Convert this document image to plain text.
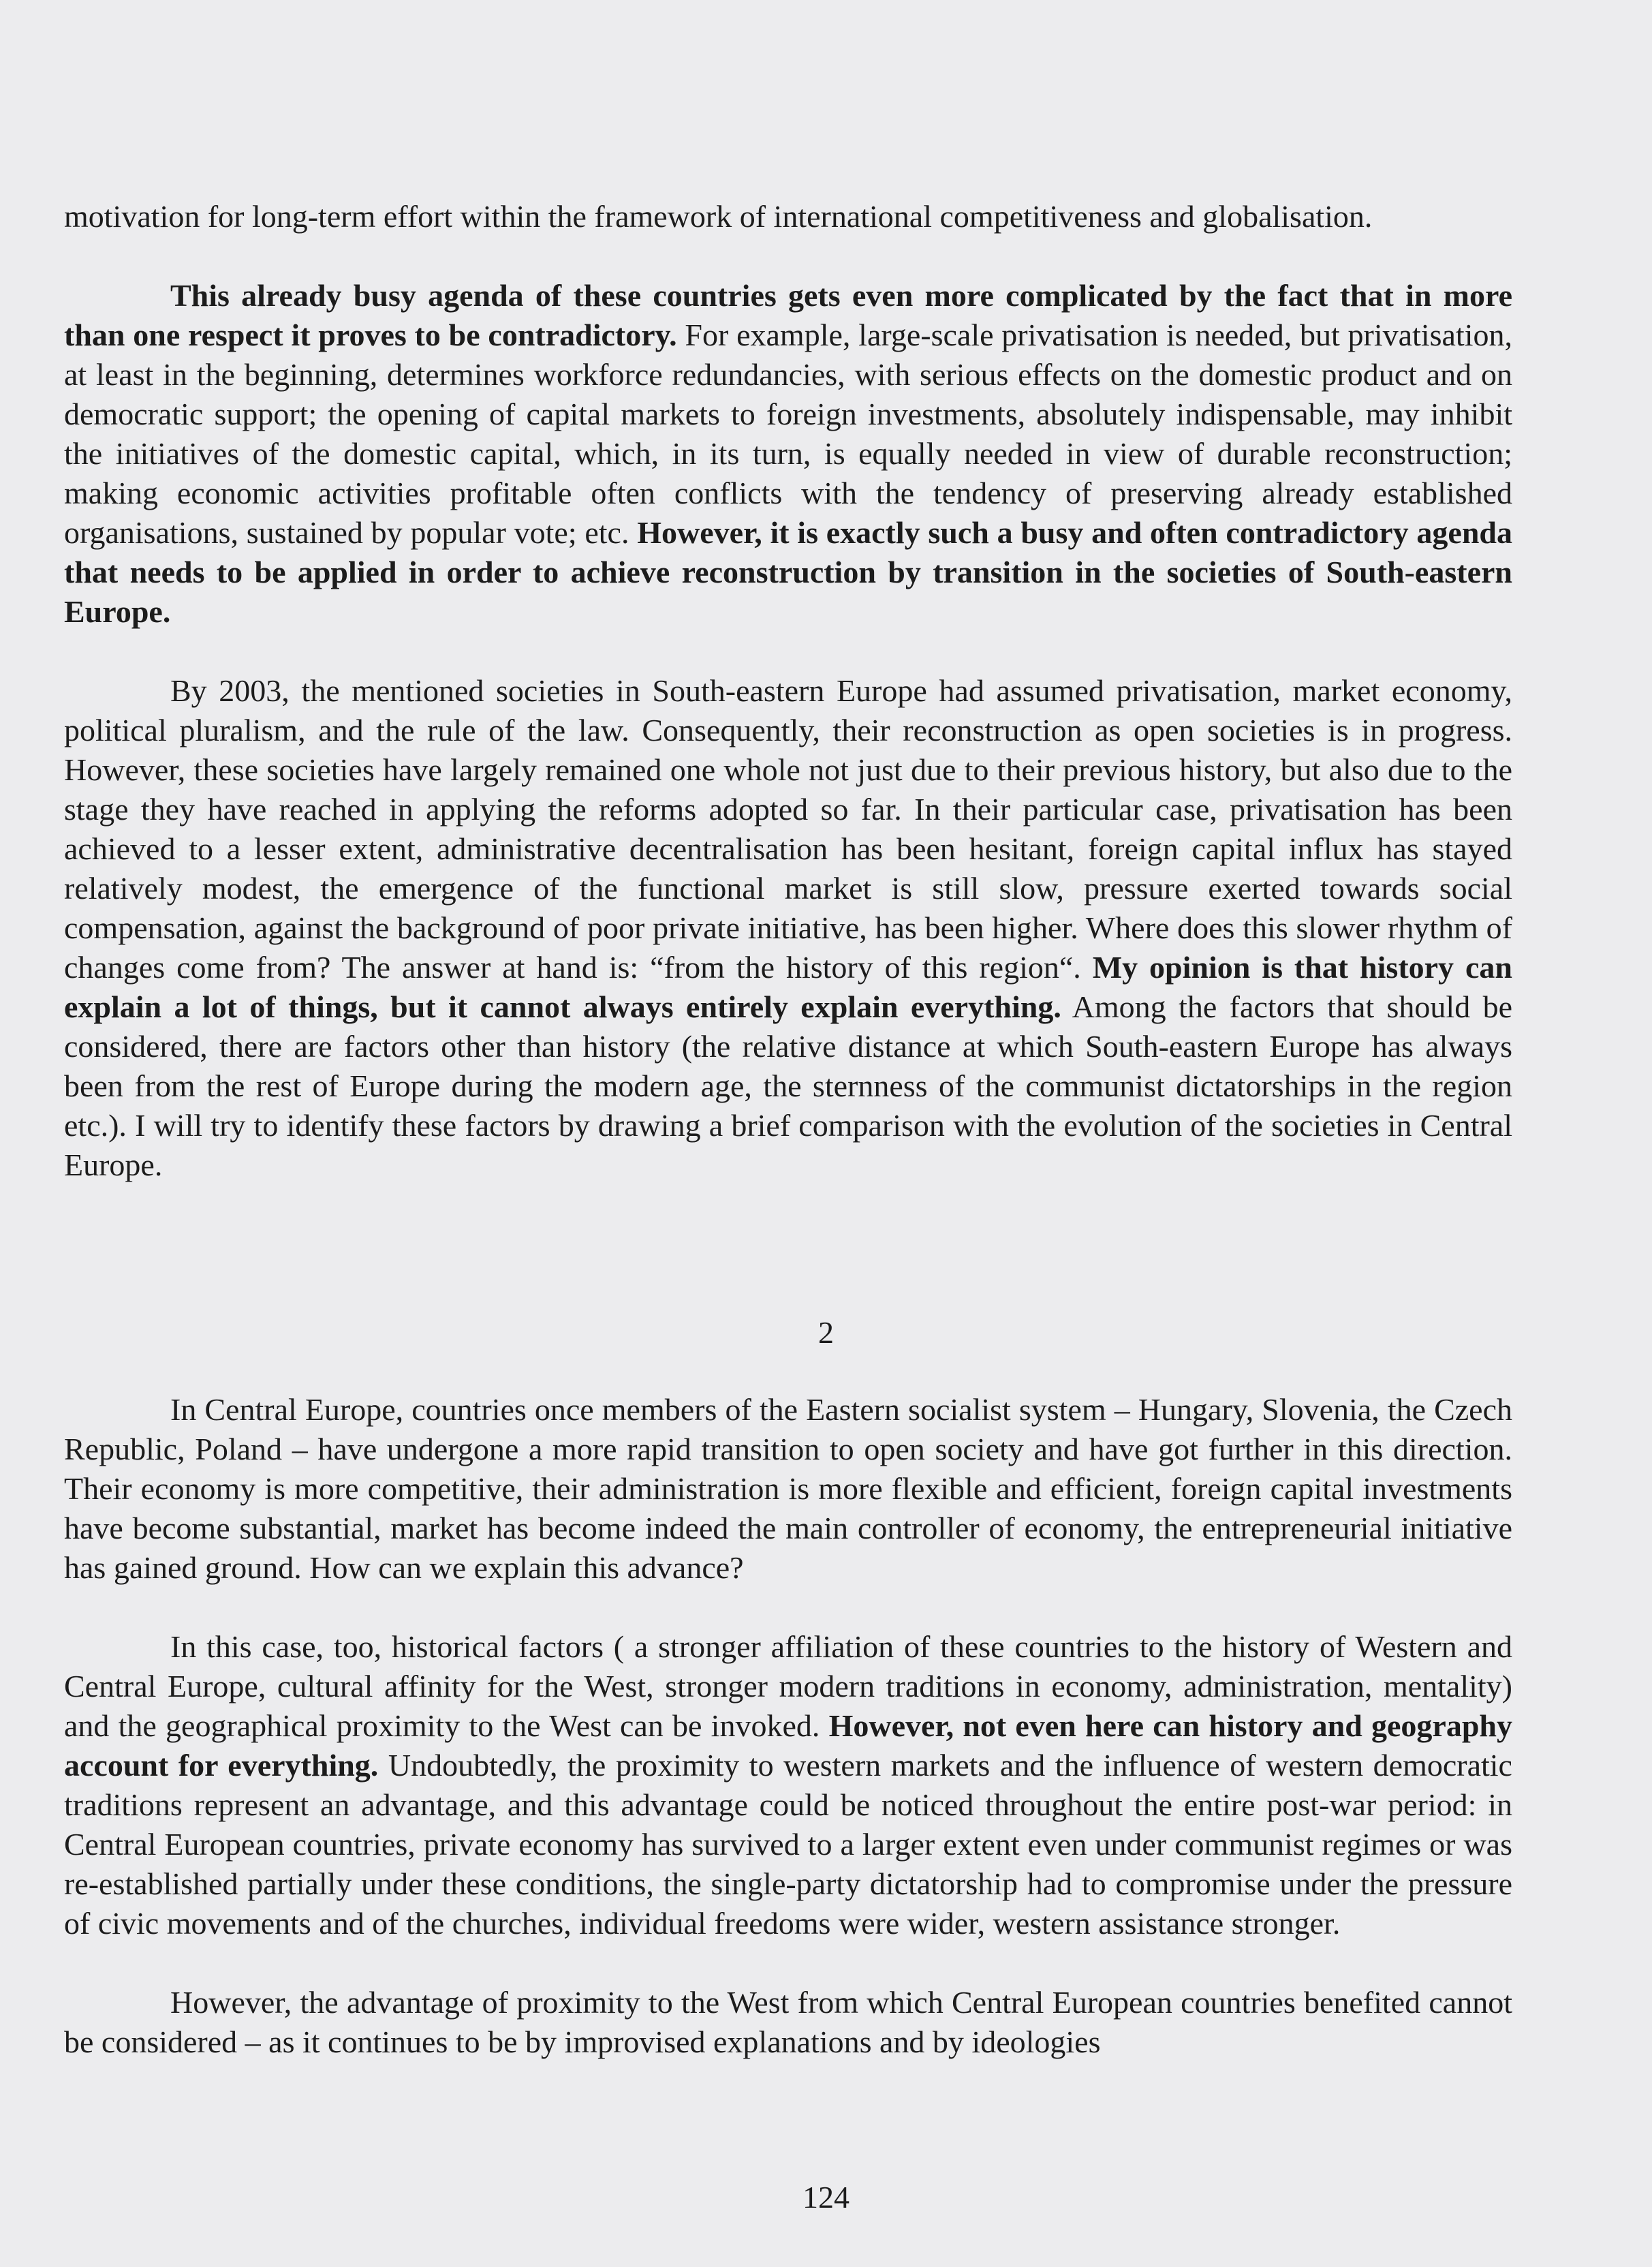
motivation for long-term effort within the framework of international competitiveness and globalisation.

This already busy agenda of these countries gets even more complicated by the fact that in more than one respect it proves to be contradictory. For example, large-scale privatisation is needed, but privatisation, at least in the beginning, determines workforce redundancies, with serious effects on the domestic product and on democratic support; the opening of capital markets to foreign investments, absolutely indispensable, may inhibit the initiatives of the domestic capital, which, in its turn, is equally needed in view of durable reconstruction; making economic activities profitable often conflicts with the tendency of preserving already established organisations, sustained by popular vote; etc. However, it is exactly such a busy and often contradictory agenda that needs to be applied in order to achieve reconstruction by transition in the societies of South-eastern Europe.

By 2003, the mentioned societies in South-eastern Europe had assumed privatisation, market economy, political pluralism, and the rule of the law. Consequently, their reconstruction as open societies is in progress. However, these societies have largely remained one whole not just due to their previous history, but also due to the stage they have reached in applying the reforms adopted so far. In their particular case, privatisation has been achieved to a lesser extent, administrative decentralisation has been hesitant, foreign capital influx has stayed relatively modest, the emergence of the functional market is still slow, pressure exerted towards social compensation, against the background of poor private initiative, has been higher. Where does this slower rhythm of changes come from? The answer at hand is: “from the history of this region“. My opinion is that history can explain a lot of things, but it cannot always entirely explain everything. Among the factors that should be considered, there are factors other than history (the relative distance at which South-eastern Europe has always been from the rest of Europe during the modern age, the sternness of the communist dictatorships in the region etc.). I will try to identify these factors by drawing a brief comparison with the evolution of the societies in Central Europe.

2

In Central Europe, countries once members of the Eastern socialist system – Hungary, Slovenia, the Czech Republic, Poland – have undergone a more rapid transition to open society and have got further in this direction. Their economy is more competitive, their administration is more flexible and efficient, foreign capital investments have become substantial, market has become indeed the main controller of economy, the entrepreneurial initiative has gained ground. How can we explain this advance?

In this case, too, historical factors ( a stronger affiliation of these countries to the history of Western and Central Europe, cultural affinity for the West, stronger modern traditions in economy, administration, mentality) and the geographical proximity to the West can be invoked. However, not even here can history and geography account for everything. Undoubtedly, the proximity to western markets and the influence of western democratic traditions represent an advantage, and this advantage could be noticed throughout the entire post-war period: in Central European countries, private economy has survived to a larger extent even under communist regimes or was re-established partially under these conditions, the single-party dictatorship had to compromise under the pressure of civic movements and of the churches, individual freedoms were wider, western assistance stronger.

However, the advantage of proximity to the West from which Central European countries benefited cannot be considered – as it continues to be by improvised explanations and by ideologies

124
